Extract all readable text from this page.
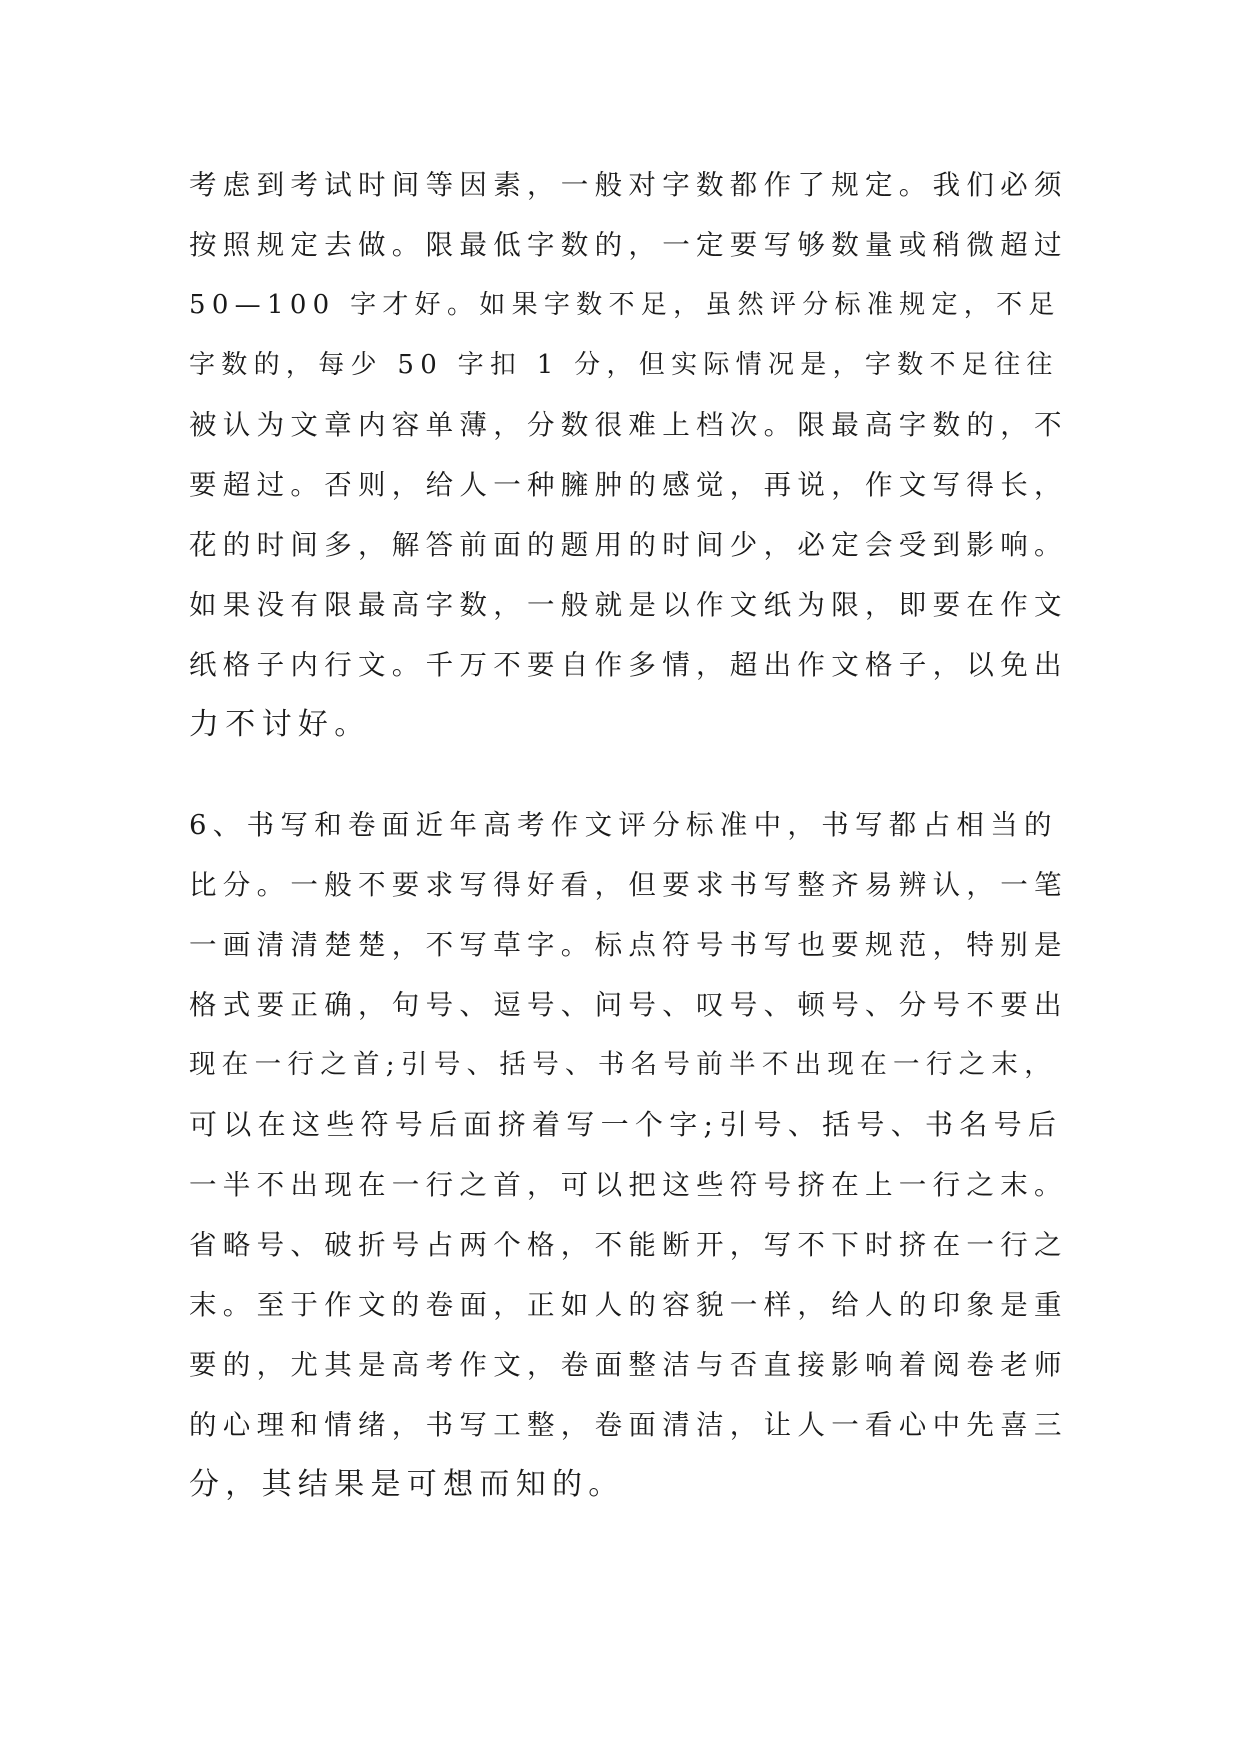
考虑到考试时间等因素，一般对字数都作了规定。我们必须
按照规定去做。限最低字数的，一定要写够数量或稍微超过
50—100 字才好。如果字数不足，虽然评分标准规定，不足
字数的，每少 50 字扣 1 分，但实际情况是，字数不足往往
被认为文章内容单薄，分数很难上档次。限最高字数的，不
要超过。否则，给人一种臃肿的感觉，再说，作文写得长，
花的时间多，解答前面的题用的时间少，必定会受到影响。
如果没有限最高字数，一般就是以作文纸为限，即要在作文
纸格子内行文。千万不要自作多情，超出作文格子，以免出
力不讨好。
6、书写和卷面近年高考作文评分标准中，书写都占相当的
比分。一般不要求写得好看，但要求书写整齐易辨认，一笔
一画清清楚楚，不写草字。标点符号书写也要规范，特别是
格式要正确，句号、逗号、问号、叹号、顿号、分号不要出
现在一行之首;引号、括号、书名号前半不出现在一行之末，
可以在这些符号后面挤着写一个字;引号、括号、书名号后
一半不出现在一行之首，可以把这些符号挤在上一行之末。
省略号、破折号占两个格，不能断开，写不下时挤在一行之
末。至于作文的卷面，正如人的容貌一样，给人的印象是重
要的，尤其是高考作文，卷面整洁与否直接影响着阅卷老师
的心理和情绪，书写工整，卷面清洁，让人一看心中先喜三
分，其结果是可想而知的。
